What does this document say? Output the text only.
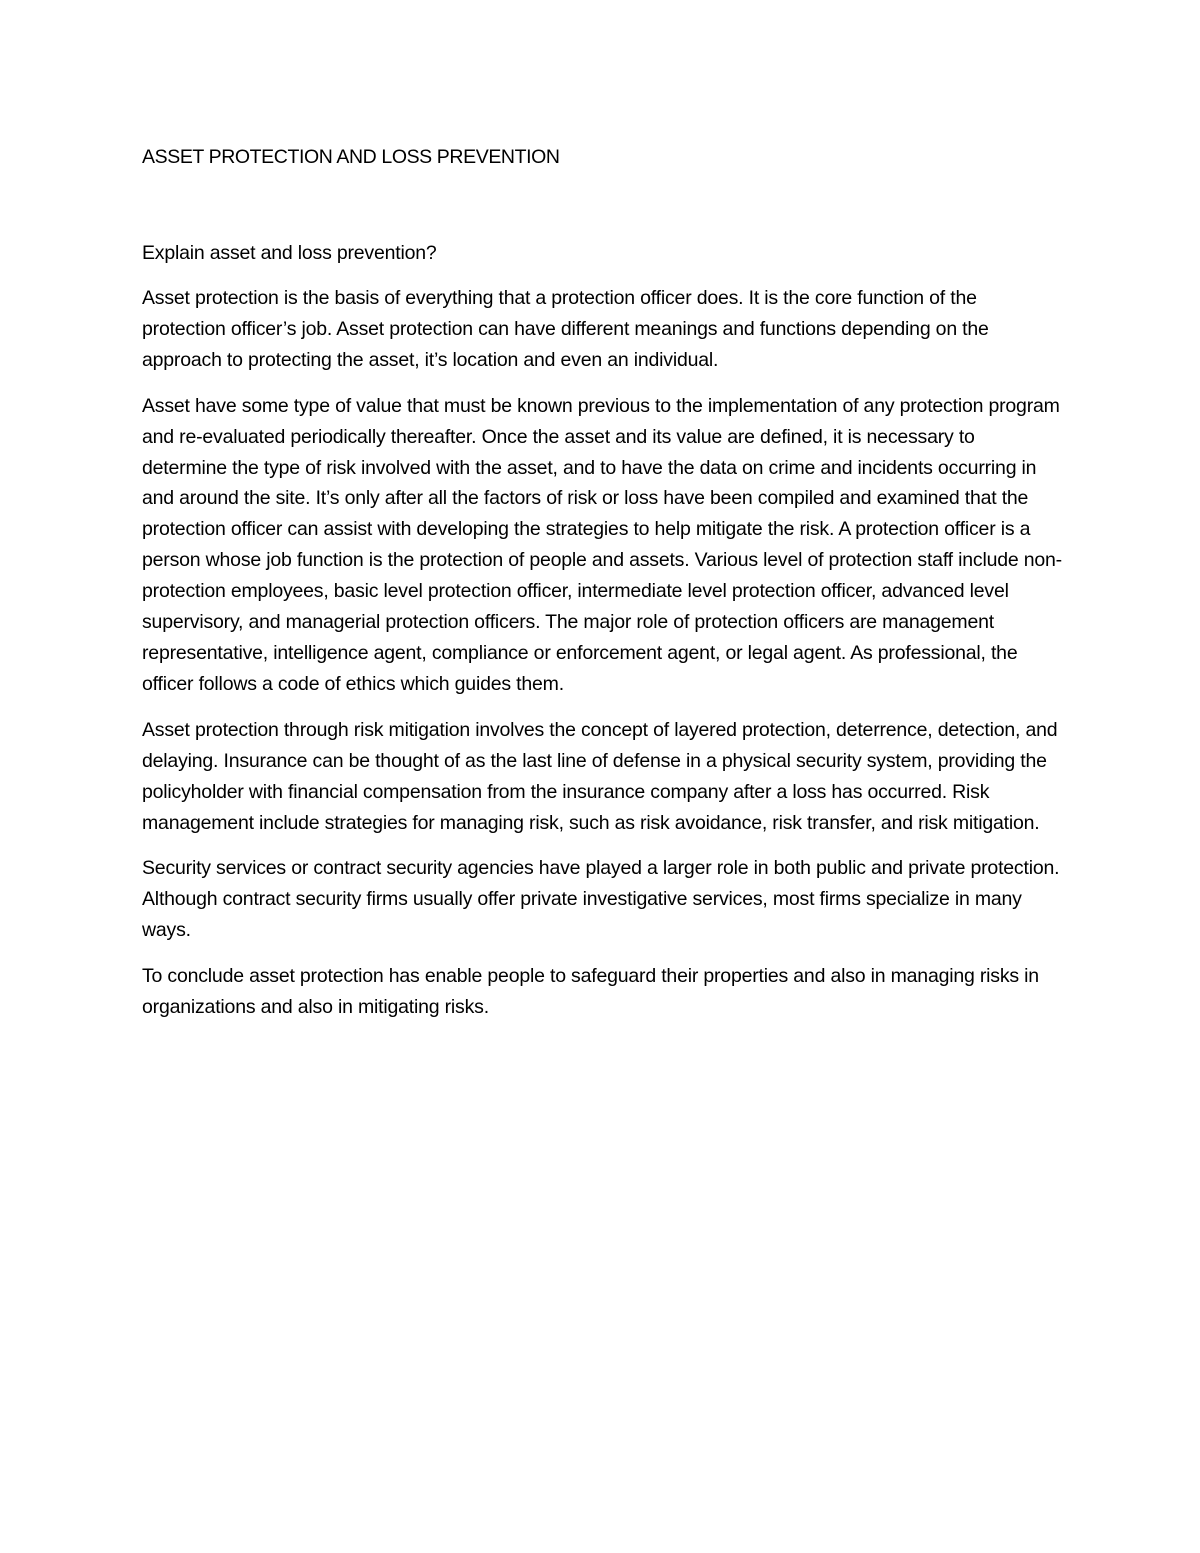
ASSET PROTECTION AND LOSS PREVENTION

Explain asset and loss prevention?

Asset protection is the basis of everything that a protection officer does. It is the core function of the protection officer’s job. Asset protection can have different meanings and functions depending on the approach to protecting the asset, it’s location and even an individual.

Asset have some type of value that must be known previous to the implementation of any protection program and re-evaluated periodically thereafter. Once the asset and its value are defined, it is necessary to determine the type of risk involved with the asset, and to have the data on crime and incidents occurring in and around the site. It’s only after all the factors of risk or loss have been compiled and examined that the protection officer can assist with developing the strategies to help mitigate the risk. A protection officer is a person whose job function is the protection of people and assets. Various level of protection staff include non-protection employees, basic level protection officer, intermediate level protection officer, advanced level supervisory, and managerial protection officers. The major role of protection officers are management representative, intelligence agent, compliance or enforcement agent, or legal agent. As professional, the officer follows a code of ethics which guides them.

Asset protection through risk mitigation involves the concept of layered protection, deterrence, detection, and delaying. Insurance can be thought of as the last line of defense in a physical security system, providing the policyholder with financial compensation from the insurance company after a loss has occurred. Risk management include strategies for managing risk, such as risk avoidance, risk transfer, and risk mitigation.

Security services or contract security agencies have played a larger role in both public and private protection. Although contract security firms usually offer private investigative services, most firms specialize in many ways.

To conclude asset protection has enable people to safeguard their properties and also in managing risks in organizations and also in mitigating risks.
